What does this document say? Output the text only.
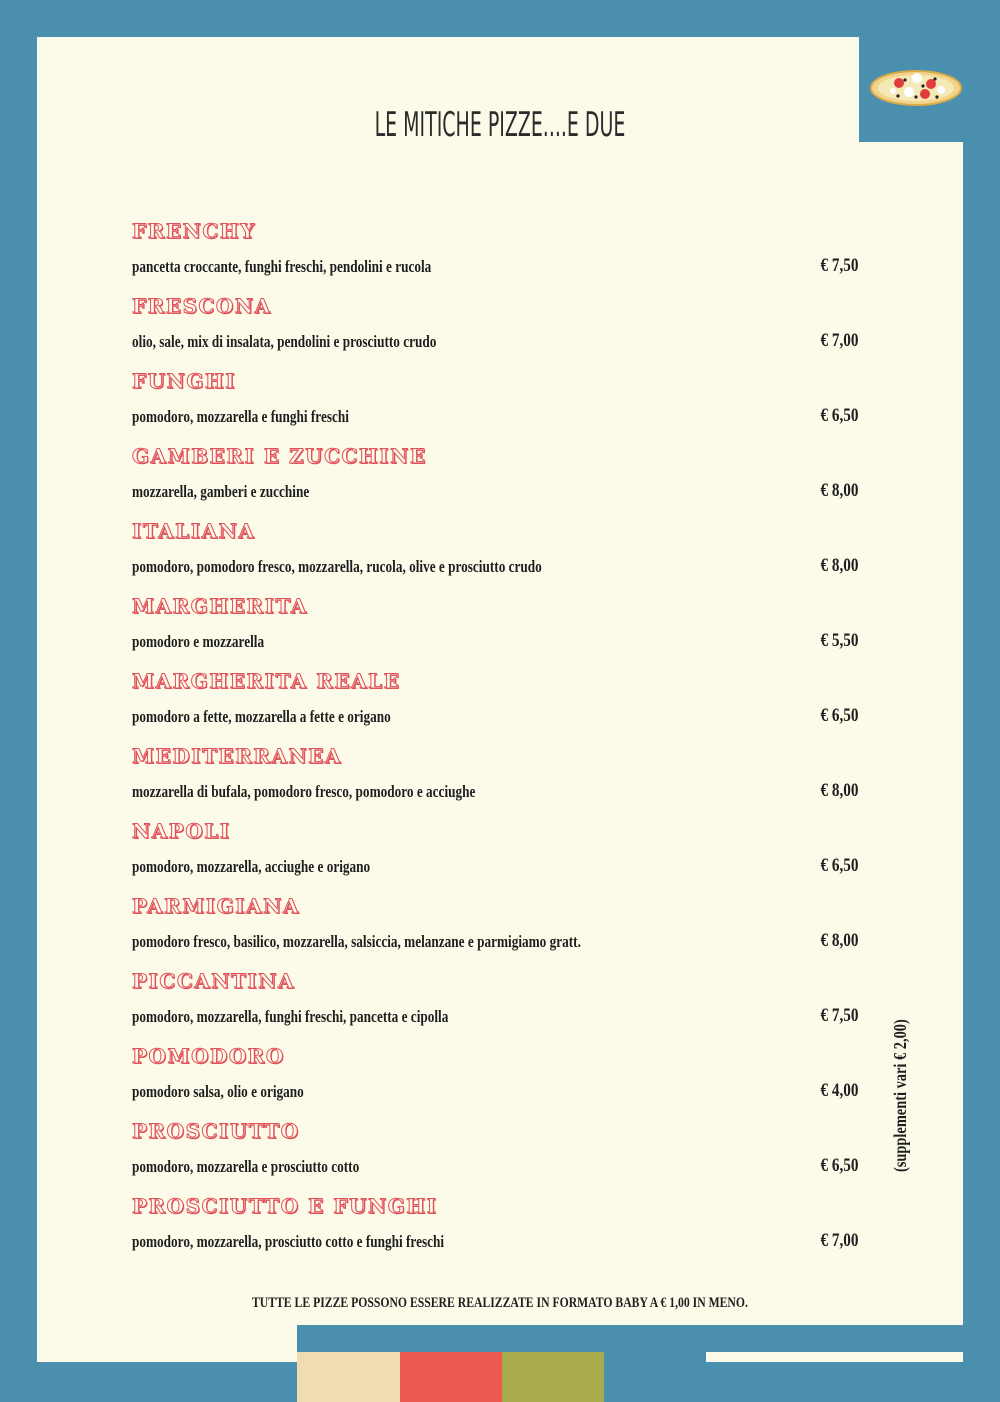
LE MITICHE PIZZE....E DUE
FRENCHY
pancetta croccante, funghi freschi, pendolini e rucola	€ 7,50
FRESCONA
olio, sale, mix di insalata, pendolini e prosciutto crudo	€ 7,00
FUNGHI
pomodoro, mozzarella e funghi freschi	€ 6,50
GAMBERI E ZUCCHINE
mozzarella, gamberi e zucchine	€ 8,00
ITALIANA
pomodoro, pomodoro fresco, mozzarella, rucola, olive e prosciutto crudo	€ 8,00
MARGHERITA
pomodoro e mozzarella	€ 5,50
MARGHERITA REALE
pomodoro a fette, mozzarella a fette e origano	€ 6,50
MEDITERRANEA
mozzarella di bufala, pomodoro fresco, pomodoro e acciughe	€ 8,00
NAPOLI
pomodoro, mozzarella, acciughe e origano	€ 6,50
PARMIGIANA
pomodoro fresco, basilico, mozzarella, salsiccia, melanzane e parmigiamo gratt.	€ 8,00
PICCANTINA
pomodoro, mozzarella, funghi freschi, pancetta e cipolla	€ 7,50
POMODORO
pomodoro salsa, olio e origano	€ 4,00
PROSCIUTTO
pomodoro, mozzarella e prosciutto cotto	€ 6,50
PROSCIUTTO E FUNGHI
pomodoro, mozzarella, prosciutto cotto e funghi freschi	€ 7,00
TUTTE LE PIZZE POSSONO ESSERE REALIZZATE IN FORMATO BABY A € 1,00 IN MENO.
(supplementi vari € 2,00)
